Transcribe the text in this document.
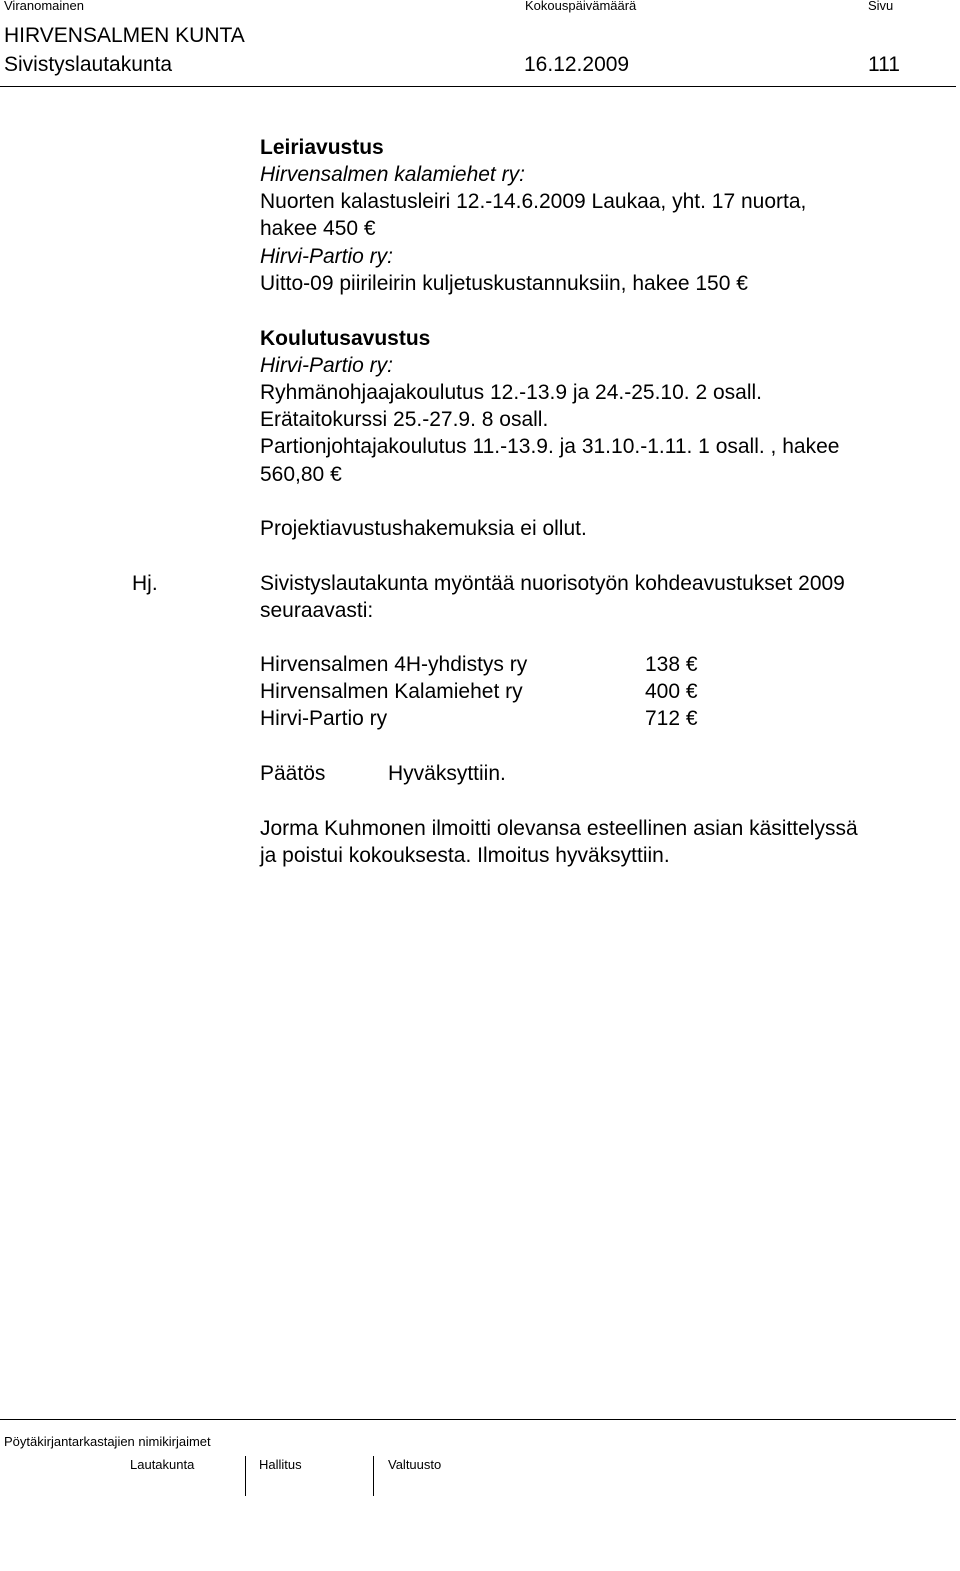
Viranomainen	Kokouspäivämäärä	Sivu
HIRVENSALMEN KUNTA
Sivistyslautakunta	16.12.2009	111
Leiriavustus
Hirvensalmen kalamiehet ry:
Nuorten kalastusleiri 12.-14.6.2009 Laukaa, yht. 17 nuorta,
hakee 450 €
Hirvi-Partio ry:
Uitto-09 piirileirin kuljetuskustannuksiin, hakee 150 €
Koulutusavustus
Hirvi-Partio ry:
Ryhmänohjaajakoulutus 12.-13.9 ja 24.-25.10. 2 osall.
Erätaitokurssi 25.-27.9. 8 osall.
Partionjohtajakoulutus 11.-13.9. ja 31.10.-1.11. 1 osall. , hakee
560,80 €
Projektiavustushakemuksia ei ollut.
Hj.	Sivistyslautakunta myöntää nuorisotyön kohdeavustukset 2009
seuraavasti:
Hirvensalmen 4H-yhdistys ry	138 €
Hirvensalmen Kalamiehet ry	400 €
Hirvi-Partio ry	712 €
Päätös	Hyväksyttiin.
Jorma Kuhmonen ilmoitti olevansa esteellinen asian käsittelyssä
ja poistui kokouksesta. Ilmoitus hyväksyttiin.
Pöytäkirjantarkastajien nimikirjaimet
Lautakunta	Hallitus	Valtuusto
